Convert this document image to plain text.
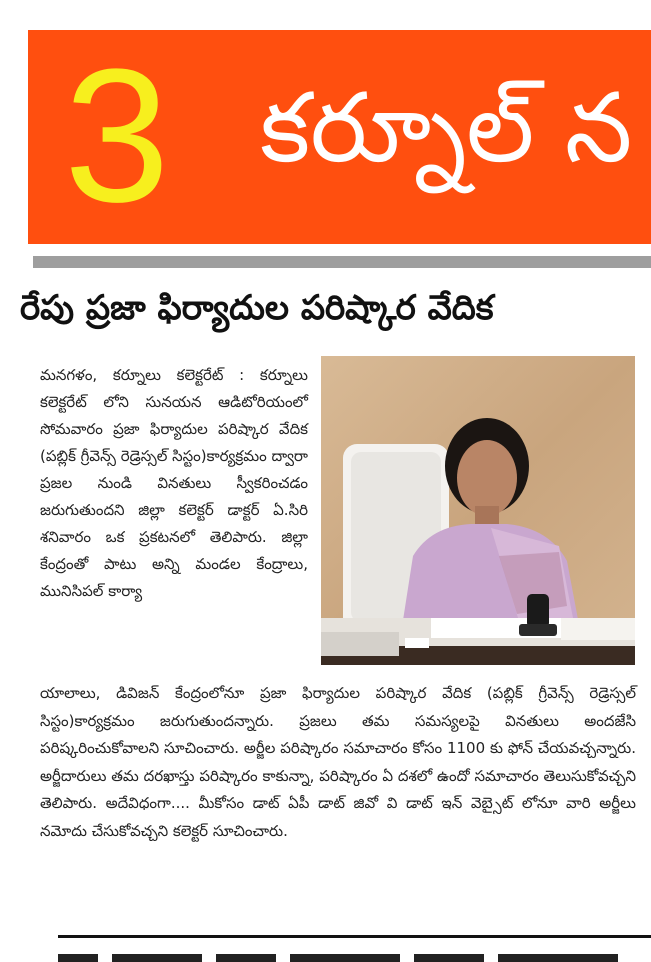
3 కర్నూల్ న
రేపు ప్రజా ఫిర్యాదుల పరిష్కార వేదిక
మనగళం, కర్నూలు కలెక్టరేట్ : కర్నూలు కలెక్టరేట్ లోని సునయన ఆడిటోరియంలో సోమవారం ప్రజా ఫిర్యాదుల పరిష్కార వేదిక (పబ్లిక్ గ్రీవెన్స్ రెడ్రెస్సల్ సిస్టం)కార్యక్రమం ద్వారా ప్రజల నుండి వినతులు స్వీకరించడం జరుగుతుందని జిల్లా కలెక్టర్ డాక్టర్ ఏ.సిరి శనివారం ఒక ప్రకటనలో తెలిపారు. జిల్లా కేంద్రంతో పాటు అన్ని మండల కేంద్రాలు, మునిసిపల్ కార్యా
యాలాలు, డివిజన్ కేంద్రంలోనూ ప్రజా ఫిర్యాదుల పరిష్కార వేదిక (పబ్లిక్ గ్రీవెన్స్ రెడ్రెస్సల్ సిస్టం)కార్యక్రమం జరుగుతుందన్నారు. ప్రజలు తమ సమస్యలపై వినతులు అందజేసి పరిష్కరించుకోవాలని సూచించారు. అర్జీల పరిష్కారం సమాచారం కోసం 1100 కు ఫోన్ చేయవచ్చన్నారు. అర్జీదారులు తమ దరఖాస్తు పరిష్కారం కాకున్నా, పరిష్కారం ఏ దశలో ఉందో సమాచారం తెలుసుకోవచ్చని తెలిపారు. అదేవిధంగా.... మీకోసం డాట్ ఏపీ డాట్ జివో వి డాట్ ఇన్ వెబ్సైట్ లోనూ వారి అర్జీలు నమోదు చేసుకోవచ్చని కలెక్టర్ సూచించారు.
